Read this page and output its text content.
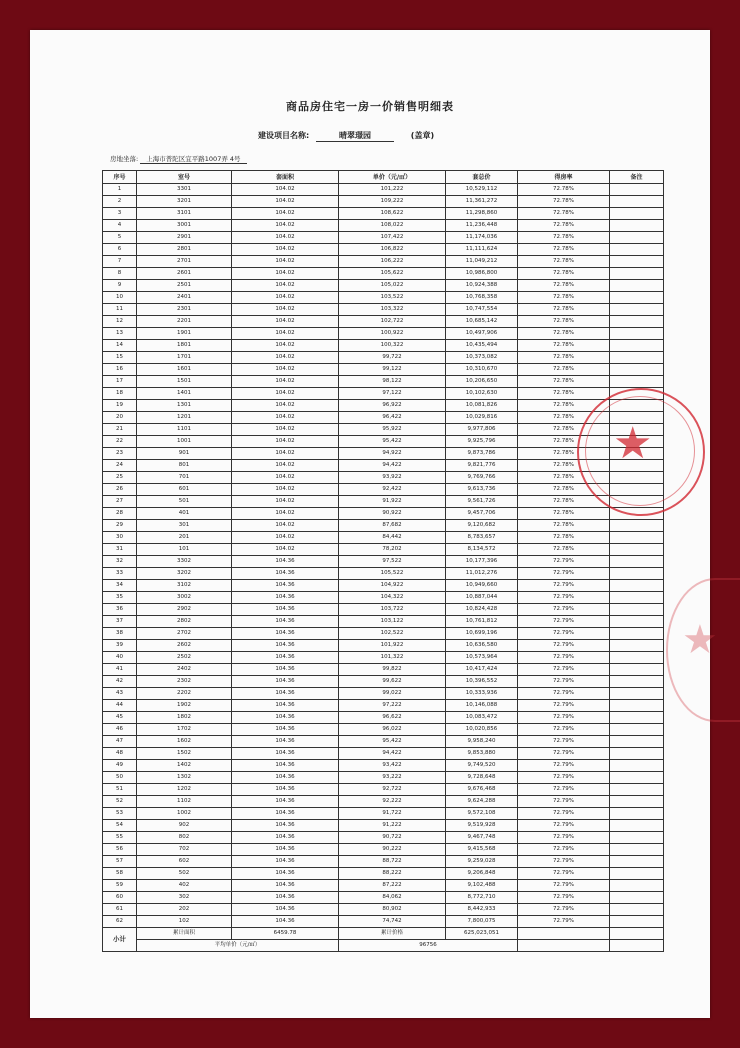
商品房住宅一房一价销售明细表
建设项目名称:	晴翠璟园	(盖章)
房地坐落: 上海市普陀区宜平路1007弄 4号
序号	室号	套面积	单价（元/㎡）	套总价	得房率	备注
1	3301	104.02	101,222	10,529,112	72.78%	
2	3201	104.02	109,222	11,361,272	72.78%	
3	3101	104.02	108,622	11,298,860	72.78%	
4	3001	104.02	108,022	11,236,448	72.78%	
5	2901	104.02	107,422	11,174,036	72.78%	
6	2801	104.02	106,822	11,111,624	72.78%	
7	2701	104.02	106,222	11,049,212	72.78%	
8	2601	104.02	105,622	10,986,800	72.78%	
9	2501	104.02	105,022	10,924,388	72.78%	
10	2401	104.02	103,522	10,768,358	72.78%	
11	2301	104.02	103,322	10,747,554	72.78%	
12	2201	104.02	102,722	10,685,142	72.78%	
13	1901	104.02	100,922	10,497,906	72.78%	
14	1801	104.02	100,322	10,435,494	72.78%	
15	1701	104.02	99,722	10,373,082	72.78%	
16	1601	104.02	99,122	10,310,670	72.78%	
17	1501	104.02	98,122	10,206,650	72.78%	
18	1401	104.02	97,122	10,102,630	72.78%	
19	1301	104.02	96,922	10,081,826	72.78%	
20	1201	104.02	96,422	10,029,816	72.78%	
21	1101	104.02	95,922	9,977,806	72.78%	
22	1001	104.02	95,422	9,925,796	72.78%	
23	901	104.02	94,922	9,873,786	72.78%	
24	801	104.02	94,422	9,821,776	72.78%	
25	701	104.02	93,922	9,769,766	72.78%	
26	601	104.02	92,422	9,613,736	72.78%	
27	501	104.02	91,922	9,561,726	72.78%	
28	401	104.02	90,922	9,457,706	72.78%	
29	301	104.02	87,682	9,120,682	72.78%	
30	201	104.02	84,442	8,783,657	72.78%	
31	101	104.02	78,202	8,134,572	72.78%	
32	3302	104.36	97,522	10,177,396	72.79%	
33	3202	104.36	105,522	11,012,276	72.79%	
34	3102	104.36	104,922	10,949,660	72.79%	
35	3002	104.36	104,322	10,887,044	72.79%	
36	2902	104.36	103,722	10,824,428	72.79%	
37	2802	104.36	103,122	10,761,812	72.79%	
38	2702	104.36	102,522	10,699,196	72.79%	
39	2602	104.36	101,922	10,636,580	72.79%	
40	2502	104.36	101,322	10,573,964	72.79%	
41	2402	104.36	99,822	10,417,424	72.79%	
42	2302	104.36	99,622	10,396,552	72.79%	
43	2202	104.36	99,022	10,333,936	72.79%	
44	1902	104.36	97,222	10,146,088	72.79%	
45	1802	104.36	96,622	10,083,472	72.79%	
46	1702	104.36	96,022	10,020,856	72.79%	
47	1602	104.36	95,422	9,958,240	72.79%	
48	1502	104.36	94,422	9,853,880	72.79%	
49	1402	104.36	93,422	9,749,520	72.79%	
50	1302	104.36	93,222	9,728,648	72.79%	
51	1202	104.36	92,722	9,676,468	72.79%	
52	1102	104.36	92,222	9,624,288	72.79%	
53	1002	104.36	91,722	9,572,108	72.79%	
54	902	104.36	91,222	9,519,928	72.79%	
55	802	104.36	90,722	9,467,748	72.79%	
56	702	104.36	90,222	9,415,568	72.79%	
57	602	104.36	88,722	9,259,028	72.79%	
58	502	104.36	88,222	9,206,848	72.79%	
59	402	104.36	87,222	9,102,488	72.79%	
60	302	104.36	84,062	8,772,710	72.79%	
61	202	104.36	80,902	8,442,933	72.79%	
62	102	104.36	74,742	7,800,075	72.79%	
小计	累计面积	6459.78	累计价格	625,023,051		
	平均单价（元/㎡）		96756			
★
★
